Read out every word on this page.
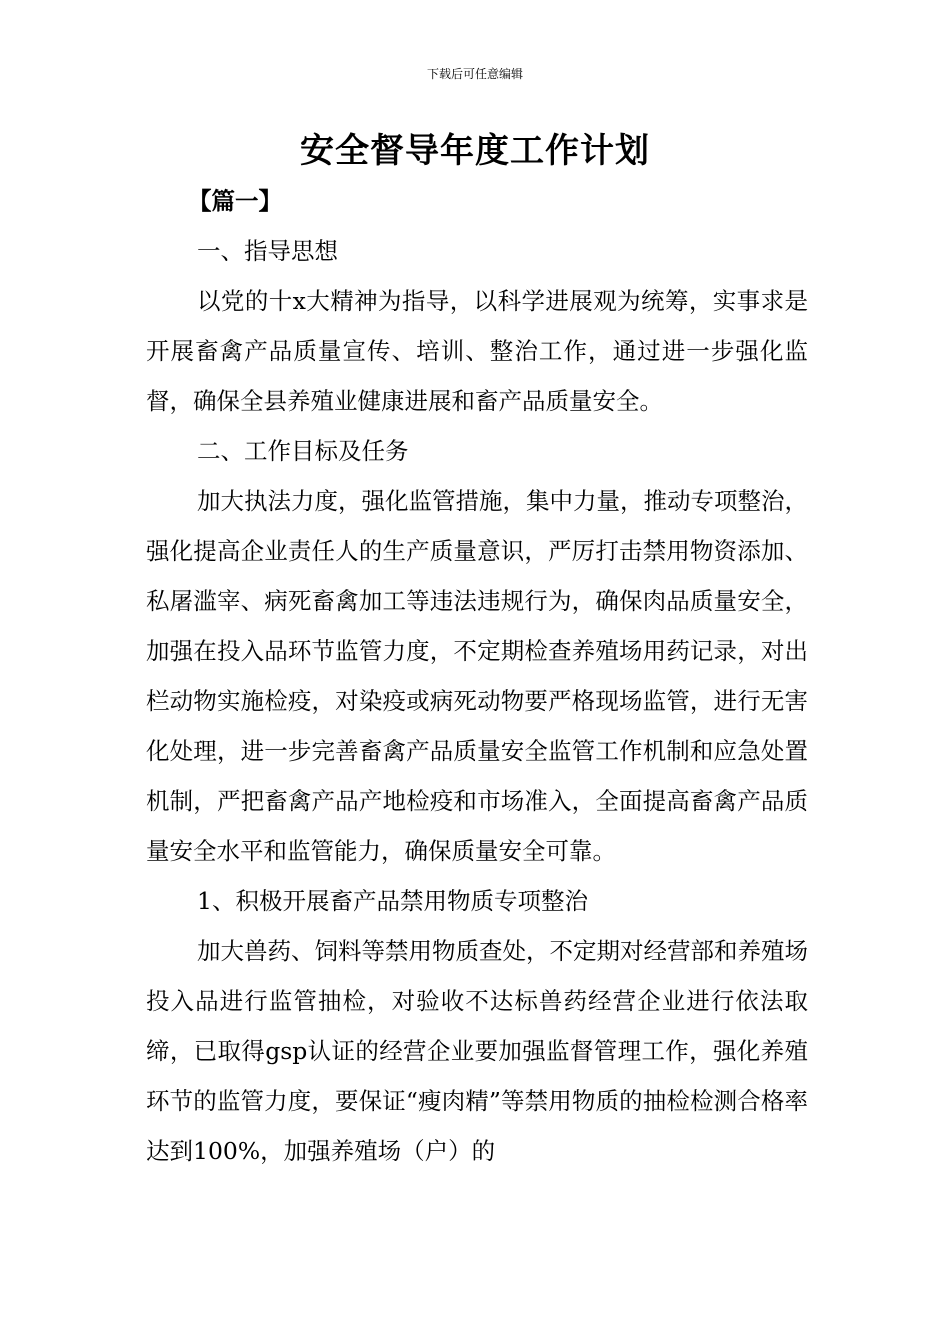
下载后可任意编辑
安全督导年度工作计划

【篇一】

一、指导思想

以党的十x大精神为指导，以科学进展观为统筹，实事求是开展畜禽产品质量宣传、培训、整治工作，通过进一步强化监督，确保全县养殖业健康进展和畜产品质量安全。

二、工作目标及任务

加大执法力度，强化监管措施，集中力量，推动专项整治，强化提高企业责任人的生产质量意识，严厉打击禁用物资添加、私屠滥宰、病死畜禽加工等违法违规行为，确保肉品质量安全，加强在投入品环节监管力度，不定期检查养殖场用药记录，对出栏动物实施检疫，对染疫或病死动物要严格现场监管，进行无害化处理，进一步完善畜禽产品质量安全监管工作机制和应急处置机制，严把畜禽产品产地检疫和市场准入，全面提高畜禽产品质量安全水平和监管能力，确保质量安全可靠。

1、积极开展畜产品禁用物质专项整治

加大兽药、饲料等禁用物质查处，不定期对经营部和养殖场投入品进行监管抽检，对验收不达标兽药经营企业进行依法取缔，已取得gsp认证的经营企业要加强监督管理工作，强化养殖环节的监管力度，要保证“瘦肉精”等禁用物质的抽检检测合格率达到100%，加强养殖场（户）的
